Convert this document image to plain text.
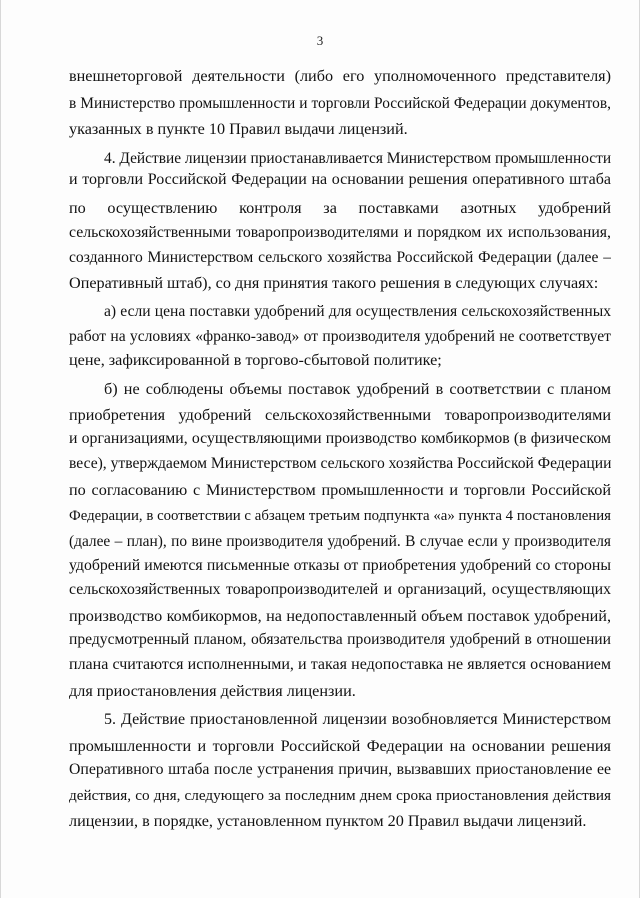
3
внешнеторговой деятельности (либо его уполномоченного представителя)
в Министерство промышленности и торговли Российской Федерации документов,
указанных в пункте 10 Правил выдачи лицензий.
4. Действие лицензии приостанавливается Министерством промышленности
и торговли Российской Федерации на основании решения оперативного штаба
по осуществлению контроля за поставками азотных удобрений
сельскохозяйственными товаропроизводителями и порядком их использования,
созданного Министерством сельского хозяйства Российской Федерации (далее –
Оперативный штаб), со дня принятия такого решения в следующих случаях:
а) если цена поставки удобрений для осуществления сельскохозяйственных
работ на условиях «франко-завод» от производителя удобрений не соответствует
цене, зафиксированной в торгово-сбытовой политике;
б) не соблюдены объемы поставок удобрений в соответствии с планом
приобретения удобрений сельскохозяйственными товаропроизводителями
и организациями, осуществляющими производство комбикормов (в физическом
весе), утверждаемом Министерством сельского хозяйства Российской Федерации
по согласованию с Министерством промышленности и торговли Российской
Федерации, в соответствии с абзацем третьим подпункта «а» пункта 4 постановления
(далее – план), по вине производителя удобрений. В случае если у производителя
удобрений имеются письменные отказы от приобретения удобрений со стороны
сельскохозяйственных товаропроизводителей и организаций, осуществляющих
производство комбикормов, на недопоставленный объем поставок удобрений,
предусмотренный планом, обязательства производителя удобрений в отношении
плана считаются исполненными, и такая недопоставка не является основанием
для приостановления действия лицензии.
5. Действие приостановленной лицензии возобновляется Министерством
промышленности и торговли Российской Федерации на основании решения
Оперативного штаба после устранения причин, вызвавших приостановление ее
действия, со дня, следующего за последним днем срока приостановления действия
лицензии, в порядке, установленном пунктом 20 Правил выдачи лицензий.
